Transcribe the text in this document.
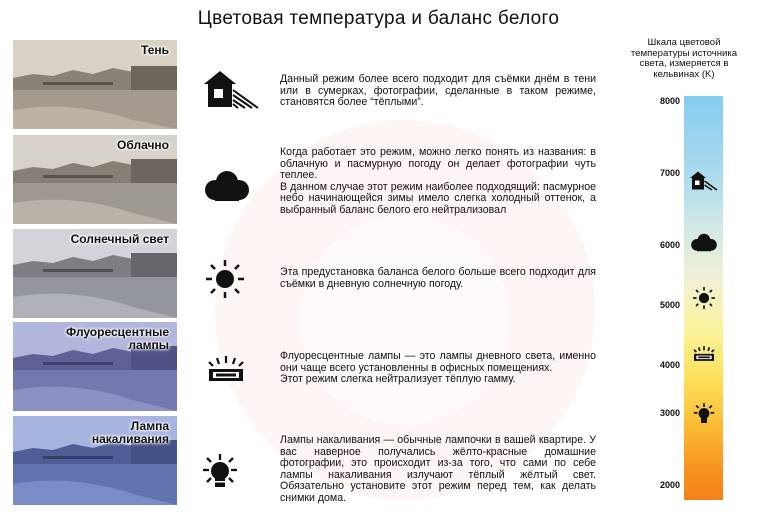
Цветовая температура и баланс белого
Тень
Облачно
Солнечный свет
Флуоресцентные
лампы
Лампа
накаливания

Данный режим более всего подходит для съёмки днём в тени или в сумерках, фотографии, сделанные в таком режиме, становятся более “тёплыми”.

Когда работает это режим, можно легко понять из названия: в облачную и пасмурную погоду он делает фотографии чуть теплее.

В данном случае этот режим наиболее подходящий: пасмурное небо начинающейся зимы имело слегка холодный оттенок, а выбранный баланс белого его нейтрализовал

Эта предустановка баланса белого больше всего подходит для съёмки в дневную солнечную погоду.

Флуоресцентные лампы — это лампы дневного света, именно они чаще всего установленны в офисных помещениях.

Этот режим слегка нейтрализует тёплую гамму.

Лампы накаливания — обычные лампочки в вашей квартире. У вас наверное получались жёлто-красные домашние фотографии, это происходит из-за того, что сами по себе лампы накаливания излучают тёплый жёлтый свет. Обязательно установите этот режим перед тем, как делать снимки дома.

Шкала цветовой
температуры источника
света, измеряется в
кельвинах (K)
8000
7000
6000
5000
4000
3000
2000
